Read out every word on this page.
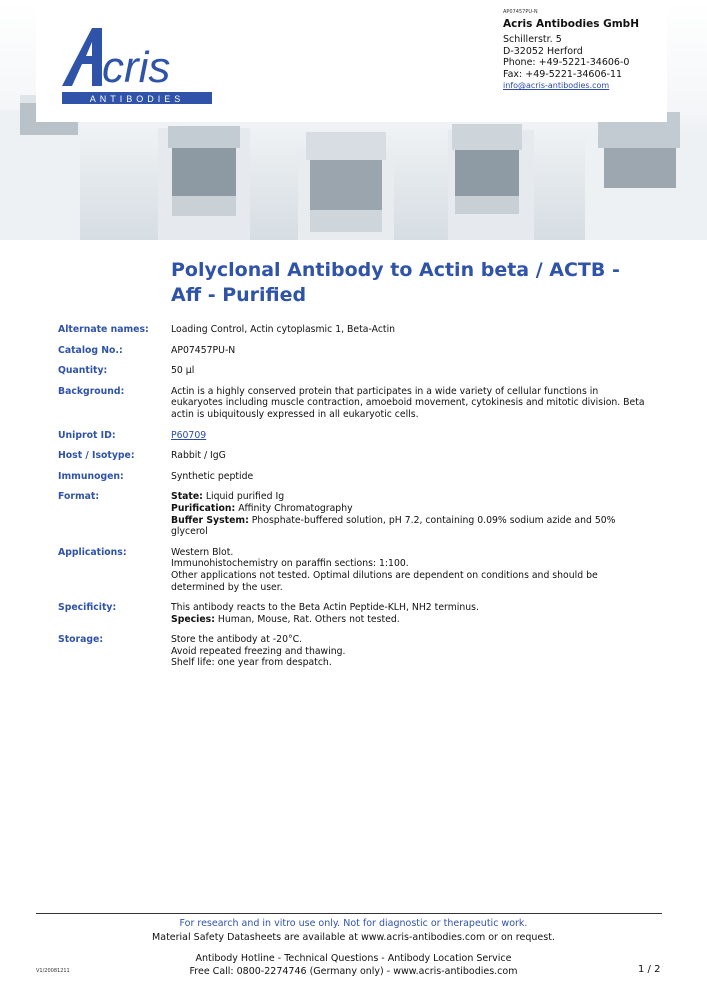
cris
ANTIBODIES
AP07457PU-N
Acris Antibodies GmbH
Schillerstr. 5
D-32052 Herford
Phone: +49-5221-34606-0
Fax: +49-5221-34606-11
info@acris-antibodies.com
Polyclonal Antibody to Actin beta / ACTB -
Aff - Purified
Alternate names:	Loading Control, Actin cytoplasmic 1, Beta-Actin
Catalog No.:	AP07457PU-N
Quantity:	50 µl
Background:	Actin is a highly conserved protein that participates in a wide variety of cellular functions in eukaryotes including muscle contraction, amoeboid movement, cytokinesis and mitotic division. Beta actin is ubiquitously expressed in all eukaryotic cells.
Uniprot ID:	P60709
Host / Isotype:	Rabbit / IgG
Immunogen:	Synthetic peptide
Format:	State: Liquid purified Ig
Purification: Affinity Chromatography
Buffer System: Phosphate-buffered solution, pH 7.2, containing 0.09% sodium azide and 50% glycerol
Applications:	Western Blot.
Immunohistochemistry on paraffin sections: 1:100.
Other applications not tested. Optimal dilutions are dependent on conditions and should be determined by the user.
Specificity:	This antibody reacts to the Beta Actin Peptide-KLH, NH2 terminus.
Species: Human, Mouse, Rat. Others not tested.
Storage:	Store the antibody at -20°C.
Avoid repeated freezing and thawing.
Shelf life: one year from despatch.
For research and in vitro use only. Not for diagnostic or therapeutic work.
Material Safety Datasheets are available at www.acris-antibodies.com or on request.
Antibody Hotline - Technical Questions - Antibody Location Service
Free Call: 0800-2274746 (Germany only) - www.acris-antibodies.com
V1/20081211	1 / 2
